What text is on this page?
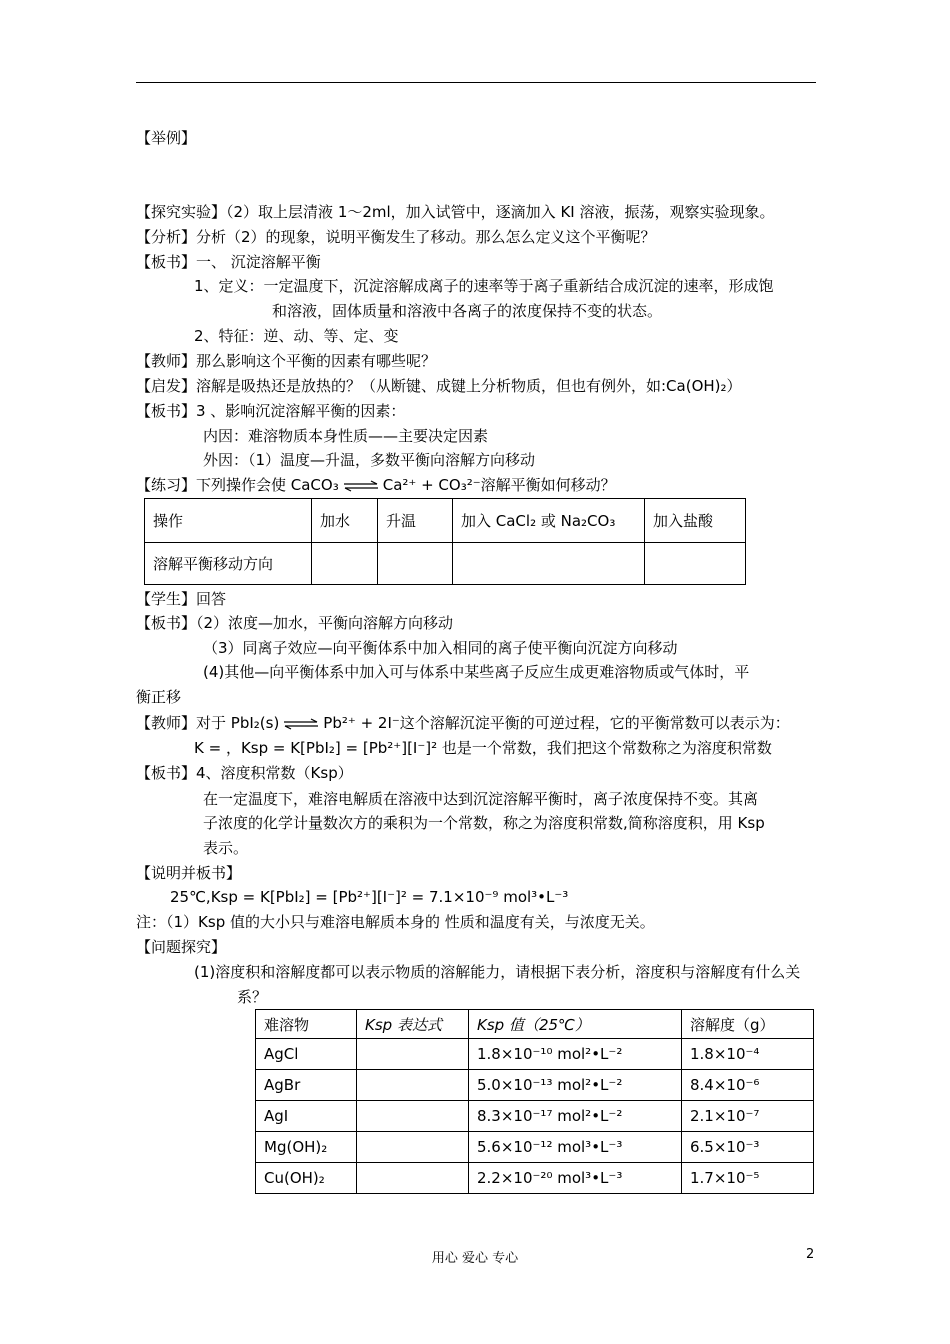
【举例】
【探究实验】（2）取上层清液 1～2ml，加入试管中，逐滴加入 KI 溶液，振荡，观察实验现象。
【分析】分析（2）的现象，说明平衡发生了移动。那么怎么定义这个平衡呢？
【板书】一、 沉淀溶解平衡
1、定义：一定温度下，沉淀溶解成离子的速率等于离子重新结合成沉淀的速率，形成饱
和溶液，固体质量和溶液中各离子的浓度保持不变的状态。
2、特征：逆、动、等、定、变
【教师】那么影响这个平衡的因素有哪些呢？
【启发】溶解是吸热还是放热的？（从断键、成键上分析物质，但也有例外，如:Ca(OH)₂）
【板书】3 、影响沉淀溶解平衡的因素：
内因：难溶物质本身性质——主要决定因素
外因：（1）温度—升温，多数平衡向溶解方向移动
【练习】下列操作会使 CaCO₃ ⇌ Ca²⁺ + CO₃²⁻溶解平衡如何移动？
操作	加水	升温	加入 CaCl₂ 或 Na₂CO₃	加入盐酸
溶解平衡移动方向				
【学生】回答
【板书】（2）浓度—加水，平衡向溶解方向移动
（3）同离子效应—向平衡体系中加入相同的离子使平衡向沉淀方向移动
(4)其他—向平衡体系中加入可与体系中某些离子反应生成更难溶物质或气体时，平
衡正移
【教师】对于 PbI₂(s) ⇌ Pb²⁺ + 2I⁻这个溶解沉淀平衡的可逆过程，它的平衡常数可以表示为：
K = ，Ksp = K[PbI₂] = [Pb²⁺][I⁻]² 也是一个常数，我们把这个常数称之为溶度积常数
【板书】4、溶度积常数（Ksp）
在一定温度下，难溶电解质在溶液中达到沉淀溶解平衡时，离子浓度保持不变。其离
子浓度的化学计量数次方的乘积为一个常数，称之为溶度积常数,简称溶度积，用 Ksp
表示。
【说明并板书】
25℃,Ksp = K[PbI₂] = [Pb²⁺][I⁻]² = 7.1×10⁻⁹ mol³•L⁻³
注：（1）Ksp 值的大小只与难溶电解质本身的 性质和温度有关，与浓度无关。
【问题探究】
(1)溶度积和溶解度都可以表示物质的溶解能力，请根据下表分析，溶度积与溶解度有什么关
系？
难溶物	Ksp 表达式	Ksp 值（25℃）	溶解度（g）
AgCl		1.8×10⁻¹⁰ mol²•L⁻²	1.8×10⁻⁴
AgBr		5.0×10⁻¹³ mol²•L⁻²	8.4×10⁻⁶
AgI		8.3×10⁻¹⁷ mol²•L⁻²	2.1×10⁻⁷
Mg(OH)₂		5.6×10⁻¹² mol³•L⁻³	6.5×10⁻³
Cu(OH)₂		2.2×10⁻²⁰ mol³•L⁻³	1.7×10⁻⁵
用心 爱心 专心	2
